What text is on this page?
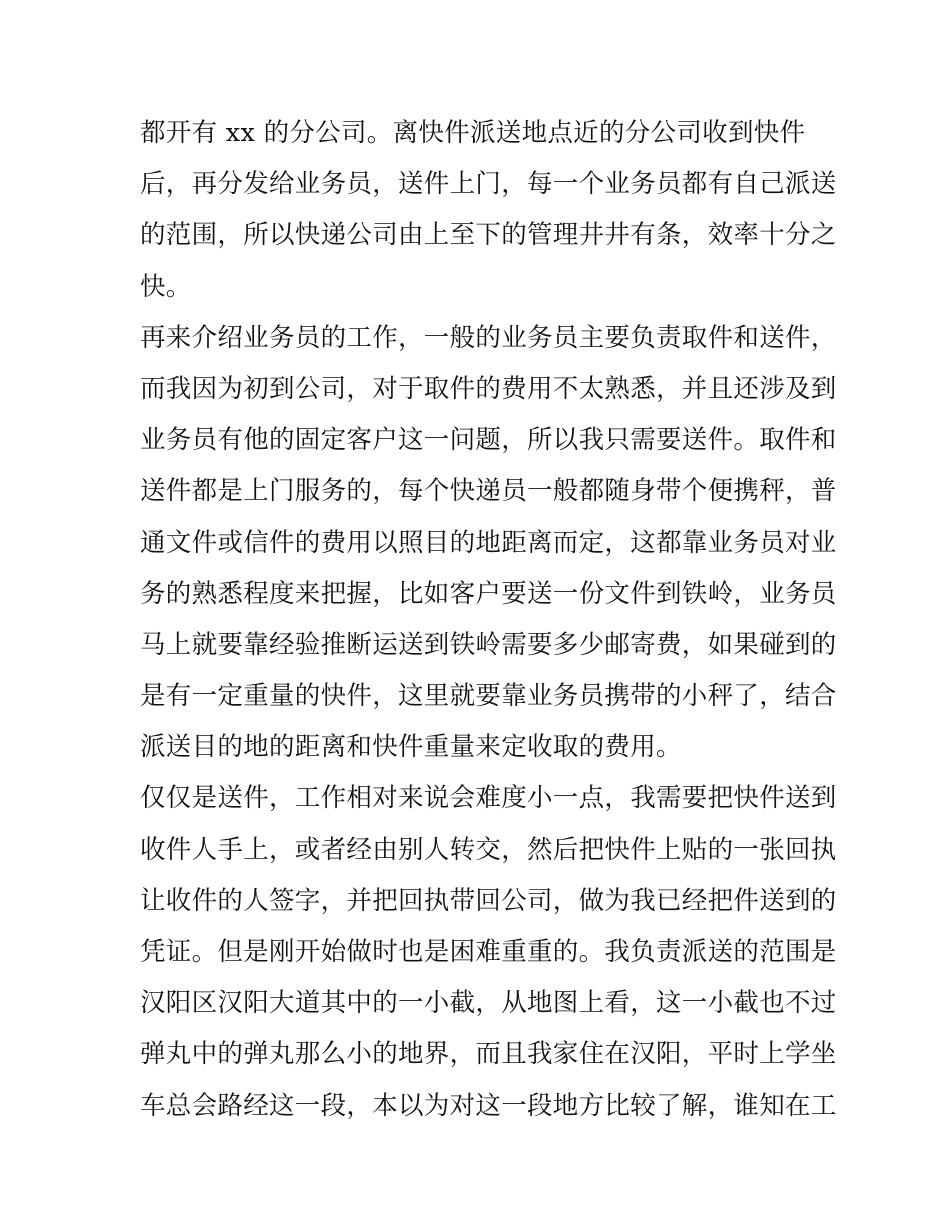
都开有 xx 的分公司。离快件派送地点近的分公司收到快件
后，再分发给业务员，送件上门，每一个业务员都有自己派送
的范围，所以快递公司由上至下的管理井井有条，效率十分之
快。
再来介绍业务员的工作，一般的业务员主要负责取件和送件，
而我因为初到公司，对于取件的费用不太熟悉，并且还涉及到
业务员有他的固定客户这一问题，所以我只需要送件。取件和
送件都是上门服务的，每个快递员一般都随身带个便携秤，普
通文件或信件的费用以照目的地距离而定，这都靠业务员对业
务的熟悉程度来把握，比如客户要送一份文件到铁岭，业务员
马上就要靠经验推断运送到铁岭需要多少邮寄费，如果碰到的
是有一定重量的快件，这里就要靠业务员携带的小秤了，结合
派送目的地的距离和快件重量来定收取的费用。
仅仅是送件，工作相对来说会难度小一点，我需要把快件送到
收件人手上，或者经由别人转交，然后把快件上贴的一张回执
让收件的人签字，并把回执带回公司，做为我已经把件送到的
凭证。但是刚开始做时也是困难重重的。我负责派送的范围是
汉阳区汉阳大道其中的一小截，从地图上看，这一小截也不过
弹丸中的弹丸那么小的地界，而且我家住在汉阳，平时上学坐
车总会路经这一段，本以为对这一段地方比较了解，谁知在工
